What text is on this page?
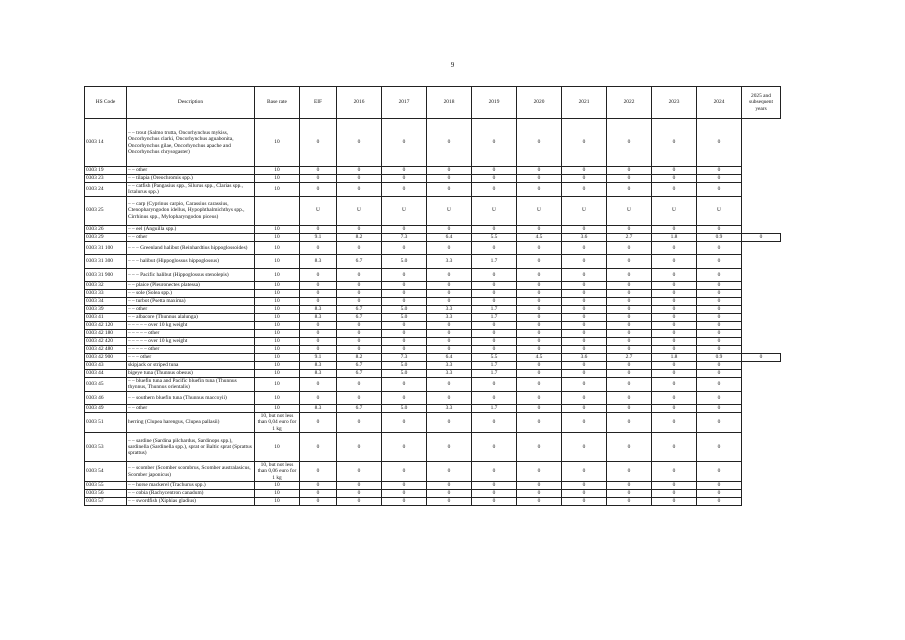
9
HS Code	Description	Base rate	EIF	2016	2017	2018	2019	2020	2021	2022	2023	2024	2025 and subsequent years
0303 14	– – trout (Salmo trutta, Oncorhynchus mykiss, Oncorhynchus clarki, Oncorhynchus aguabonita, Oncorhynchus gilae, Oncorhynchus apache and Oncorhynchus chrysogaster)	10	0	0	0	0	0	0	0	0	0	0	
0303 19	– – other	10	0	0	0	0	0	0	0	0	0	0	
0303 23	– – tilapia (Oreochromis spp.)	10	0	0	0	0	0	0	0	0	0	0	
0303 24	– – catfish (Pangasius spp., Silurus spp., Clarias spp., Ictalurus spp.)	10	0	0	0	0	0	0	0	0	0	0	
0303 25	– – carp (Cyprinus carpio, Carassius carassius, Ctenopharyngodon idellus, Hypophthalmichthys spp., Cirrhinus spp., Mylopharyngodon piceus)		U	U	U	U	U	U	U	U	U	U	
0303 26	– – eel (Anguilla spp.)	10	0	0	0	0	0	0	0	0	0	0	
0303 29	– – other	10	9.1	8.2	7.3	6.4	5.5	4.5	3.6	2.7	1.8	0.9	0
0303 31 100	– – – Greenland halibut (Reinhardtius hippoglossoides)	10	0	0	0	0	0	0	0	0	0	0	
0303 31 300	– – – halibut (Hippoglossus hippoglossus)	10	8.3	6.7	5.0	3.3	1.7	0	0	0	0	0	
0303 31 900	– – – Pacific halibut (Hippoglossus stenolepis)	10	0	0	0	0	0	0	0	0	0	0	
0303 32	– – plaice (Pleuronectes platessa)	10	0	0	0	0	0	0	0	0	0	0	
0303 33	– – sole (Solea spp.)	10	0	0	0	0	0	0	0	0	0	0	
0303 34	– – turbot (Psetta maxima)	10	0	0	0	0	0	0	0	0	0	0	
0303 39	– – other	10	8.3	6.7	5.0	3.3	1.7	0	0	0	0	0	
0303 41	– – albacore (Thunnus alalunga)	10	8.3	6.7	5.0	3.3	1.7	0	0	0	0	0	
0303 42 120	– – – – – over 10 kg weight	10	0	0	0	0	0	0	0	0	0	0	
0303 42 180	– – – – – other	10	0	0	0	0	0	0	0	0	0	0	
0303 42 420	– – – – – over 10 kg weight	10	0	0	0	0	0	0	0	0	0	0	
0303 42 480	– – – – – other	10	0	0	0	0	0	0	0	0	0	0	
0303 42 900	– – – other	10	9.1	8.2	7.3	6.4	5.5	4.5	3.6	2.7	1.8	0.9	0
0303 43	skipjack or striped tuna	10	8.3	6.7	5.0	3.3	1.7	0	0	0	0	0	
0303 44	bigeye tuna (Thunnus obesus)	10	8.3	6.7	5.0	3.3	1.7	0	0	0	0	0	
0303 45	– – bluefin tuna and Pacific bluefin tuna (Thunnus thynnus, Thunnus orientalis)	10	0	0	0	0	0	0	0	0	0	0	
0303 46	– – southern bluefin tuna (Thunnus maccoyii)	10	0	0	0	0	0	0	0	0	0	0	
0303 49	– – other	10	8.3	6.7	5.0	3.3	1.7	0	0	0	0	0	
0303 51	herring (Clupea harengus, Clupea pallasii)	10, but not less than 0,04 euro for 1 kg	0	0	0	0	0	0	0	0	0	0	
0303 53	– – sardine (Sardina pilchardus, Sardinops spp.), sardinella (Sardinella spp.), sprat or Baltic sprat (Sprattus sprattus)	10	0	0	0	0	0	0	0	0	0	0	
0303 54	– – scomber (Scomber scombrus, Scomber australasicus, Scomber japonicus)	10, but not less than 0,06 euro for 1 kg	0	0	0	0	0	0	0	0	0	0	
0303 55	– – horse mackerel (Trachurus spp.)	10	0	0	0	0	0	0	0	0	0	0	
0303 56	– – cobia (Rachycentron canadum)	10	0	0	0	0	0	0	0	0	0	0	
0303 57	– – swordfish (Xiphias gladius)	10	0	0	0	0	0	0	0	0	0	0	
